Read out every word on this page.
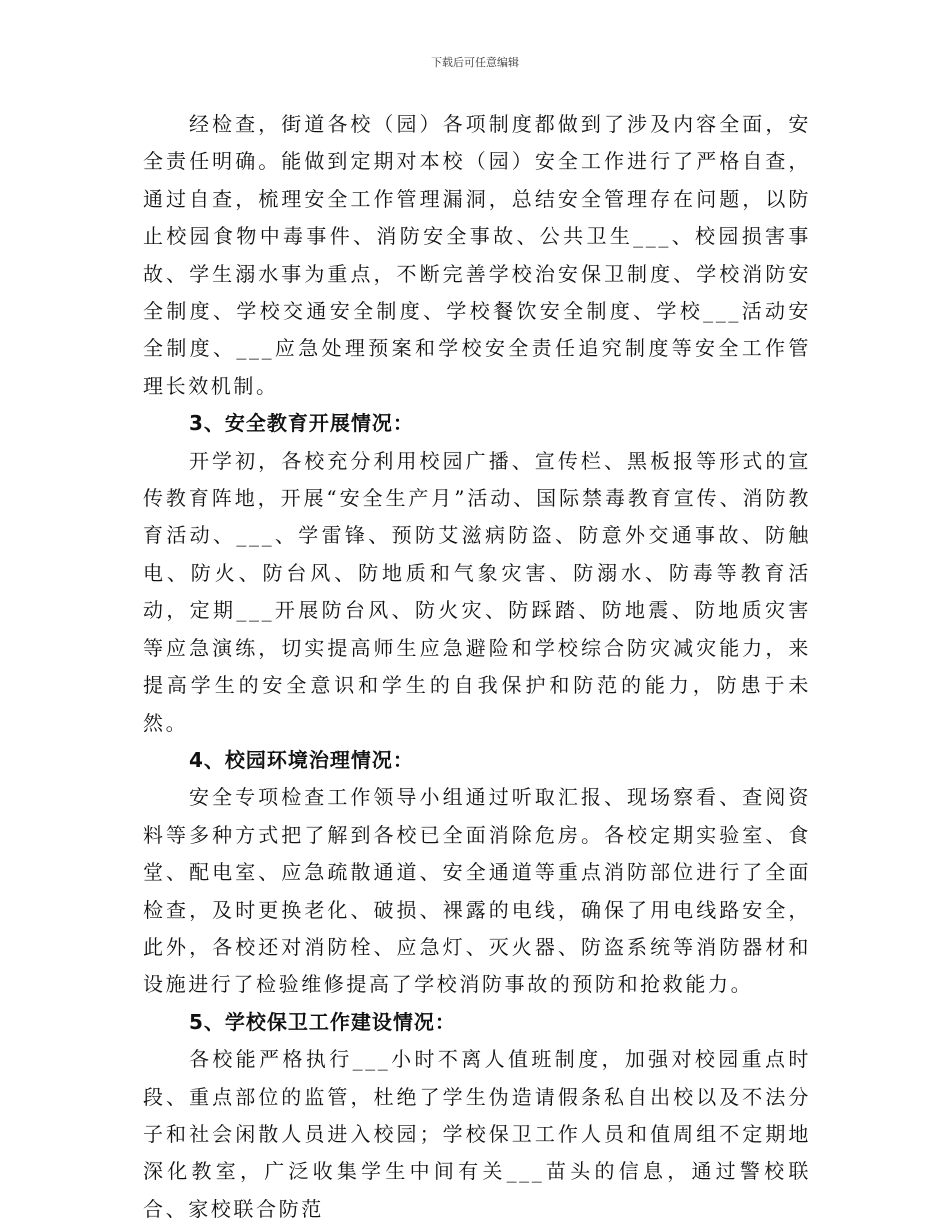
下载后可任意编辑

经检查，街道各校（园）各项制度都做到了涉及内容全面，安全责任明确。能做到定期对本校（园）安全工作进行了严格自查，通过自查，梳理安全工作管理漏洞，总结安全管理存在问题，以防止校园食物中毒事件、消防安全事故、公共卫生___、校园损害事故、学生溺水事为重点，不断完善学校治安保卫制度、学校消防安全制度、学校交通安全制度、学校餐饮安全制度、学校___活动安全制度、___应急处理预案和学校安全责任追究制度等安全工作管理长效机制。

3、安全教育开展情况：

开学初，各校充分利用校园广播、宣传栏、黑板报等形式的宣传教育阵地，开展“安全生产月”活动、国际禁毒教育宣传、消防教育活动、___、学雷锋、预防艾滋病防盗、防意外交通事故、防触电、防火、防台风、防地质和气象灾害、防溺水、防毒等教育活动，定期___开展防台风、防火灾、防踩踏、防地震、防地质灾害等应急演练，切实提高师生应急避险和学校综合防灾减灾能力，来提高学生的安全意识和学生的自我保护和防范的能力，防患于未然。

4、校园环境治理情况：

安全专项检查工作领导小组通过听取汇报、现场察看、查阅资料等多种方式把了解到各校已全面消除危房。各校定期实验室、食堂、配电室、应急疏散通道、安全通道等重点消防部位进行了全面检查，及时更换老化、破损、裸露的电线，确保了用电线路安全，此外，各校还对消防栓、应急灯、灭火器、防盗系统等消防器材和设施进行了检验维修提高了学校消防事故的预防和抢救能力。

5、学校保卫工作建设情况：

各校能严格执行___小时不离人值班制度，加强对校园重点时段、重点部位的监管，杜绝了学生伪造请假条私自出校以及不法分子和社会闲散人员进入校园；学校保卫工作人员和值周组不定期地深化教室，广泛收集学生中间有关___苗头的信息，通过警校联合、家校联合防范
